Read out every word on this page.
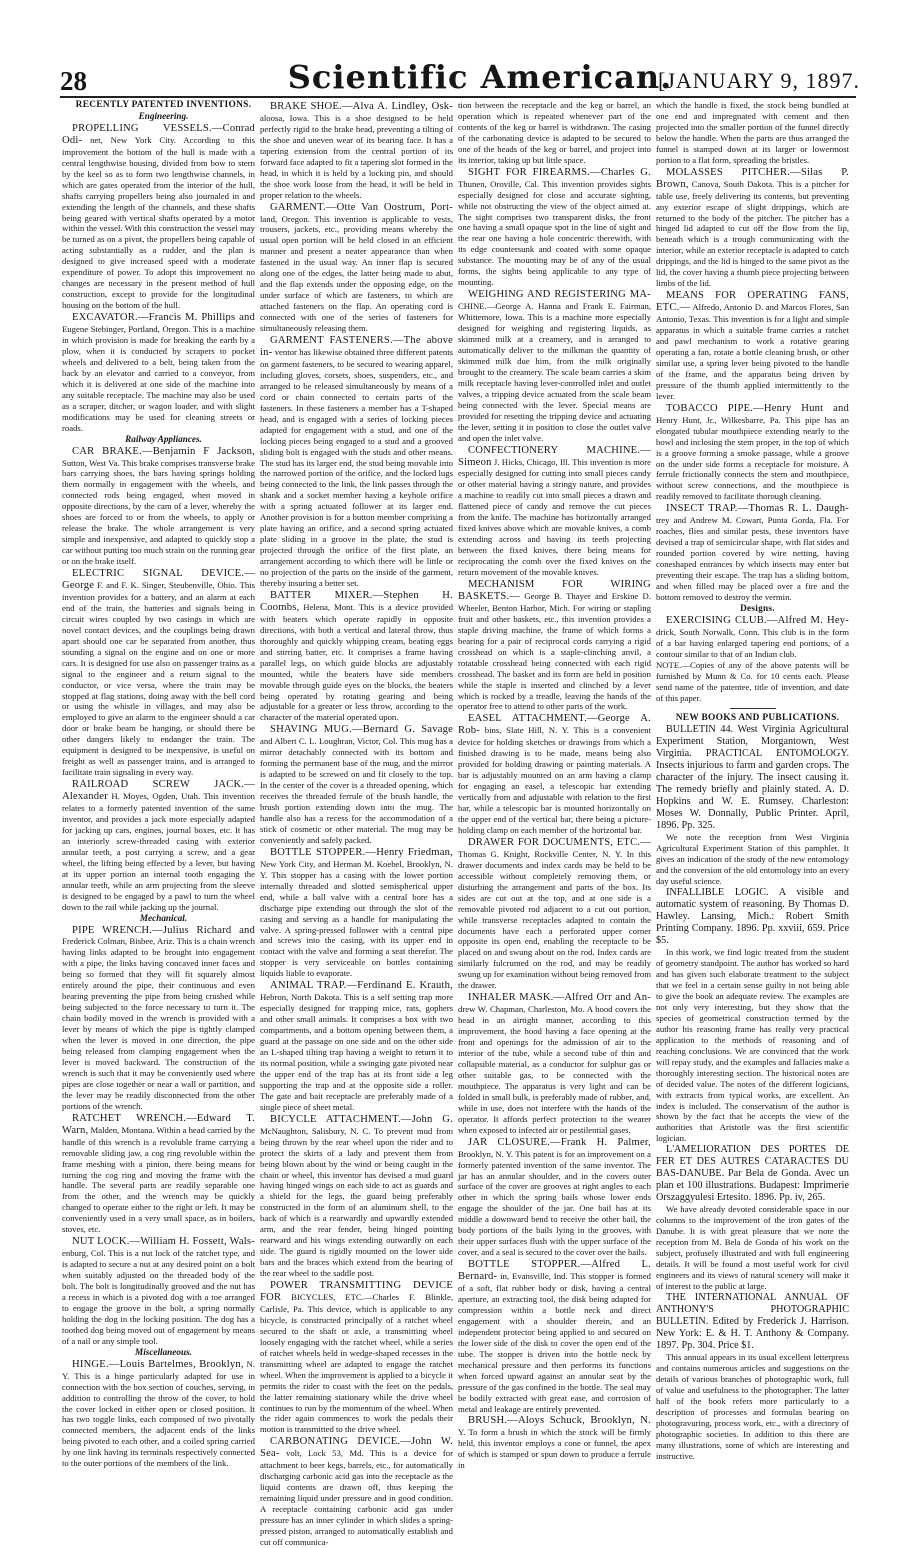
28	Scientific American.
[JANUARY 9, 1897.

RECENTLY PATENTED INVENTIONS.

Engineering.

PROPELLING VESSELS.—Conrad Odi- net, New York City. According to this improvement the bottom of the hull is made with a central lengthwise housing, divided from bow to stern by the keel so as to form two lengthwise channels, in which are gates operated from the interior of the hull, shafts carrying propellers being also journaled in and extending the length of the channels, and these shafts being geared with vertical shafts operated by a motor within the vessel. With this construction the vessel may be turned as on a pivot, the propellers being capable of acting substantially as a rudder, and the plan is designed to give increased speed with a moderate expenditure of power. To adopt this improvement no changes are necessary in the present method of hull construction, except to provide for the longitudinal housing on the bottom of the hull.

EXCAVATOR.—Francis M. Phillips and Eugene Stebinger, Portland, Oregon. This is a machine in which provision is made for breaking the earth by a plow, when it is conducted by scrapers to pocket wheels and delivered to a belt, being taken from the back by an elevator and carried to a conveyor, from which it is delivered at one side of the machine into any suitable receptacle. The machine may also be used as a scraper, ditcher, or wagon loader, and with slight modifications may be used for cleaning streets or roads.

Railway Appliances.

CAR BRAKE.—Benjamin F Jackson, Sutton, West Va. This brake comprises transverse brake bars carrying shoes, the bars having springs holding them normally in engagement with the wheels, and connected rods being engaged, when moved in opposite directions, by the cam of a lever, whereby the shoes are forced to or from the wheels, to apply or release the brake. The whole arrangement is very simple and inexpensive, and adapted to quickly stop a car without putting too much strain on the running gear or on the brake itself.

ELECTRIC SIGNAL DEVICE.—George F. and F. K. Singer, Steubenville, Ohio. This invention provides for a battery, and an alarm at each end of the train, the batteries and signals being in circuit wires coupled by two casings in which are novel contact devices, and the couplings being drawn apart should one car be separated from another, thus sounding a signal on the engine and on one or more cars. It is designed for use also on passenger trains as a signal to the engineer and a return signal to the conductor, or vice versa, where the train may be stopped at flag stations, doing away with the bell cord or using the whistle in villages, and may also be employed to give an alarm to the engineer should a car door or brake beam be hanging, or should there be other dangers likely to endanger the train. The equipment is designed to be inexpensive, is useful on freight as well as passenger trains, and is arranged to facilitate train signaling in every way.

RAILROAD SCREW JACK.—Alexander H. Moyes, Ogden, Utah. This invention relates to a formerly patented invention of the same inventor, and provides a jack more especially adapted for jacking up cars, engines, journal boxes, etc. It has an interiorly screw-threaded casing with exterior annular teeth, a post carrying a screw, and a gear wheel, the lifting being effected by a lever, but having at its upper portion an internal tooth engaging the annular teeth, while an arm projecting from the sleeve is designed to be engaged by a pawl to turn the wheel down to the rail while jacking up the journal.

Mechanical.

PIPE WRENCH.—Julius Richard and Frederick Colman, Bisbee, Ariz. This is a chain wrench having links adapted to be brought into engagement with a pipe, the links having concaved inner faces and being so formed that they will fit squarely almost entirely around the pipe, their continuous and even bearing preventing the pipe from being crushed while being subjected to the force necessary to turn it. The chain bodily moved in the wrench is provided with a lever by means of which the pipe is tightly clamped when the lever is moved in one direction, the pipe being released from clamping engagement when the lever is moved backward. The construction of the wrench is such that it may be conveniently used where pipes are close together or near a wall or partition, and the lever may be readily disconnected from the other portions of the wrench.

RATCHET WRENCH.—Edward T. Warn, Malden, Montana. Within a head carried by the handle of this wrench is a revoluble frame carrying a removable sliding jaw, a cog ring revoluble within the frame meshing with a pinion, there being means for turning the cog ring and moving the frame with the handle. The several parts are readily separable one from the other, and the wrench may be quickly changed to operate either to the right or left. It may be conveniently used in a very small space, as in boilers, stoves, etc.

NUT LOCK.—William H. Fossett, Wals- enburg, Col. This is a nut lock of the ratchet type, and is adapted to secure a nut at any desired point on a bolt when suitably adjusted on the threaded body of the bolt. The bolt is longitudinally grooved and the nut has a recess in which is a pivoted dog with a toe arranged to engage the groove in the bolt, a spring normally holding the dog in the locking position. The dog has a toothed dog being moved out of engagement by means of a nail or any simple tool.

Miscellaneous.

HINGE.—Louis Bartelmes, Brooklyn, N. Y. This is a hinge particularly adapted for use in connection with the box section of couches, serving, in addition to controlling the throw of the cover, to hold the cover locked in either open or closed position. It has two toggle links, each composed of two pivotally connected members, the adjacent ends of the links being pivoted to each other, and a coiled spring carried by one link having its terminals respectively connected to the outer portions of the members of the link.

BRAKE SHOE.—Alva A. Lindley, Osk- aloosa, Iowa. This is a shoe designed to be held perfectly rigid to the brake head, preventing a tilting of the shoe and uneven wear of its bearing face. It has a tapering extension from the central portion of its forward face adapted to fit a tapering slot formed in the head, in which it is held by a locking pin, and should the shoe work loose from the head, it will be held in proper relation to the wheels.

GARMENT.—Otte Van Oostrum, Port- land, Oregon. This invention is applicable to vests, trousers, jackets, etc., providing means whereby the usual open portion will be held closed in an efficient manner and present a neater appearance than when fastened in the usual way. An inner flap is secured along one of the edges, the latter being made to abut, and the flap extends under the opposing edge, on the under surface of which are fasteners, to which are attached fasteners on the flap. An operating cord is connected with one of the series of fasteners for simultaneously releasing them.

GARMENT FASTENERS.—The above in- ventor has likewise obtained three different patents on garment fasteners, to be secured to wearing apparel, including gloves, corsets, shoes, suspenders, etc., and arranged to be released simultaneously by means of a cord or chain connected to certain parts of the fasteners. In these fasteners a member has a T-shaped head, and is engaged with a series of locking pieces adapted for engagement with a stud, and one of the locking pieces being engaged to a stud and a grooved sliding bolt is engaged with the studs and other means. The stud has its larger end, the stud being movable into the narrowed portion of the orifice, and the locked lugs being connected to the link, the link passes through the shank and a socket member having a keyhole orifice with a spring actuated follower at its larger end. Another provision is for a button member comprising a plate having an orifice, and a second spring actuated plate sliding in a groove in the plate, the stud is projected through the orifice of the first plate, an arrangement according to which there will be little or no projection of the parts on the inside of the garment, thereby insuring a better set.

BATTER MIXER.—Stephen H. Coombs, Helena, Mont. This is a device provided with beaters which operate rapidly in opposite directions, with both a vertical and lateral throw, thus thoroughly and quickly whipping cream, beating eggs and stirring batter, etc. It comprises a frame having parallel legs, on which guide blocks are adjustably mounted, while the beaters have side members movable through guide eyes on the blocks, the beaters being operated by rotating gearing and being adjustable for a greater or less throw, according to the character of the material operated upon.

SHAVING MUG.—Bernard G. Savage and Albert C. L. Loughran, Victor, Col. This mug has a mirror detachably connected with its bottom and forming the permanent base of the mug, and the mirror is adapted to be screwed on and fit closely to the top. In the center of the cover is a threaded opening, which receives the threaded ferrule of the brush handle, the brush portion extending down into the mug. The handle also has a recess for the accommodation of a stick of cosmetic or other material. The mug may be conveniently and safely packed.

BOTTLE STOPPER.—Henry Friedman, New York City, and Herman M. Koebel, Brooklyn, N. Y. This stopper has a casing with the lower portion internally threaded and slotted semispherical upper end, while a ball valve with a central bore has a discharge pipe extending out through the slot of the casing and serving as a handle for manipulating the valve. A spring-pressed follower with a central pipe and screws into the casing, with its upper end in contact with the valve and forming a seat therefor. The stopper is very serviceable on bottles containing liquids liable to evaporate.

ANIMAL TRAP.—Ferdinand E. Krauth, Hebron, North Dakota. This is a self setting trap more especially designed for trapping mice, rats, gophers and other small animals. It comprises a box with two compartments, and a bottom opening between them, a guard at the passage on one side and on the other side an L-shaped tilting trap having a weight to return it to its normal position, while a swinging gate pivoted near the upper end of the trap has at its front side a leg supporting the trap and at the opposite side a roller. The gate and bait receptacle are preferably made of a single piece of sheet metal.

BICYCLE ATTACHMENT.—John G. McNaughton, Salisbury, N. C. To prevent mud from being thrown by the rear wheel upon the rider and to protect the skirts of a lady and prevent them from being blown about by the wind or being caught in the chain or wheel, this inventor has devised a mud guard having hinged wings on each side to act as guards and a shield for the legs, the guard being preferably constructed in the form of an aluminum shell, to the back of which is a rearwardly and upwardly extended arm, and the rear fender, being hinged pointing rearward and his wings extending outwardly on each side. The guard is rigidly mounted on the lower side bars and the braces which extend from the bearing of the rear wheel to the saddle post.

POWER TRANSMITTING DEVICE FOR BICYCLES, ETC.—Charles F. Blinkle, Carlisle, Pa. This device, which is applicable to any bicycle, is constructed principally of a ratchet wheel secured to the shaft or axle, a transmitting wheel loosely engaging with the ratchet wheel, while a series of ratchet wheels held in wedge-shaped recesses in the transmitting wheel are adapted to engage the ratchet wheel. When the improvement is applied to a bicycle it permits the rider to coast with the feet on the pedals, the latter remaining stationary while the drive wheel continues to run by the momentum of the wheel. When the rider again commences to work the pedals their motion is transmitted to the drive wheel.

CARBONATING DEVICE.—John W. Sea- volt, Lock 53, Md. This is a device for attachment to beer kegs, barrels, etc., for automatically discharging carbonic acid gas into the receptacle as the liquid contents are drawn off, thus keeping the remaining liquid under pressure and in good condition. A receptacle containing carbonic acid gas under pressure has an inner cylinder in which slides a spring-pressed piston, arranged to automatically establish and cut off communica-

tion between the receptacle and the keg or barrel, an operation which is repeated whenever part of the contents of the keg or barrel is withdrawn. The casing of the carbonating device is adapted to be secured to one of the heads of the keg or barrel, and project into its interior, taking up but little space.

SIGHT FOR FIREARMS.—Charles G. Thunen, Oroville, Cal. This invention provides sights especially designed for close and accurate sighting, while not obstructing the view of the object aimed at. The sight comprises two transparent disks, the front one having a small opaque spot in the line of sight and the rear one having a hole concentric therewith, with its edge countersunk and coated with some opaque substance. The mounting may be of any of the usual forms, the sights being applicable to any type of mounting.

WEIGHING AND REGISTERING MA- CHINE.—George A. Hanna and Frank E. Fairman, Whittemore, Iowa. This is a machine more especially designed for weighing and registering liquids, as skimmed milk at a creamery, and is arranged to automatically deliver to the milkman the quantity of skimmed milk due him, from the milk originally brought to the creamery. The scale beam carries a skim milk receptacle having lever-controlled inlet and outlet valves, a tripping device actuated from the scale beam being connected with the lever. Special means are provided for resetting the tripping device and actuating the lever, setting it in position to close the outlet valve and open the inlet valve.

CONFECTIONERY MACHINE.—Simeon J. Hicks, Chicago, Ill. This invention is more especially designed for cutting into small pieces candy or other material having a stringy nature, and provides a machine to readily cut into small pieces a drawn and flattened piece of candy and remove the cut pieces from the knife. The machine has horizontally arranged fixed knives above which are movable knives, a comb extending across and having its teeth projecting between the fixed knives, there being means for reciprocating the comb over the fixed knives on the return movement of the movable knives.

MECHANISM FOR WIRING BASKETS.— George B. Thayer and Erskine D. Wheeler, Benton Harbor, Mich. For wiring or stapling fruit and other baskets, etc., this invention provides a staple driving machine, the frame of which forms a bearing for a pair of reciprocal cords carrying a rigid crosshead on which is a staple-clinching anvil, a rotatable crosshead being connected with each rigid crosshead. The basket and its form are held in position while the staple is inserted and clinched by a lever which is rocked by a treadle, leaving the hands of the operator free to attend to other parts of the work.

EASEL ATTACHMENT.—George A. Rob- bins, Slate Hill, N. Y. This is a convenient device for holding sketches or drawings from which a finished drawing is to be made, means being also provided for holding drawing or painting materials. A bar is adjustably mounted on an arm having a clamp for engaging an easel, a telescopic bar extending vertically from and adjustable with relation to the first bar, while a telescopic bar is mounted horizontally on the upper end of the vertical bar, there being a picture-holding clamp on each member of the horizontal bar.

DRAWER FOR DOCUMENTS, ETC.— Thomas G. Knight, Rockville Center, N. Y. In this drawer documents and index cards may be held to be accessible without completely removing them, or disturbing the arrangement and parts of the box. Its sides are cut out at the top, and at one side is a removable pivoted rod adjacent to a cut out portion, while transverse receptacles adapted to contain the documents have each a perforated upper corner opposite its open end, enabling the receptacle to be placed on and swung about on the rod. Index cards are similarly fulcrumed on the rod, and may be readily swung up for examination without being removed from the drawer.

INHALER MASK.—Alfred Orr and An- drew W. Chapman, Charleston, Mo. A hood covers the head in an airtight manner, according to this improvement, the hood having a face opening at the front and openings for the admission of air to the interior of the tube, while a second tube of thin and collapsible material, as a conductor for sulphur gas or other suitable gas, to be connected with the mouthpiece. The apparatus is very light and can be folded in small bulk, is preferably made of rubber, and, while in use, does not interfere with the hands of the operator. It affords perfect protection to the wearer when exposed to infected air or pestilential gases.

JAR CLOSURE.—Frank H. Palmer, Brooklyn, N. Y. This patent is for an improvement on a formerly patented invention of the same inventor. The jar has an annular shoulder, and in the covers outer surface of the cover are grooves at right angles to each other in which the spring bails whose lower ends engage the shoulder of the jar. One bail has at its middle a downward bend to receive the other bail, the body portions of the bails lying in the grooves, with their upper surfaces flush with the upper surface of the cover, and a seal is secured to the cover over the bails.

BOTTLE STOPPER.—Alfred L. Bernard- in, Evansville, Ind. This stopper is formed of a soft, flat rubber body or disk, having a central aperture, an extracting tool, the disk being adapted for compression within a bottle neck and direct engagement with a shoulder therein, and an independent protector being applied to and secured on the lower side of the disk to cover the open end of the tube. The stopper is driven into the bottle neck by mechanical pressure and then performs its functions when forced upward against an annular seat by the pressure of the gas confined in the bottle. The seal may be bodily extracted with great ease, and corrosion of metal and leakage are entirely prevented.

BRUSH.—Aloys Schuck, Brooklyn, N. Y. To form a brush in which the stock will be firmly held, this inventor employs a cone or funnel, the apex of which is stamped or spun down to produce a ferrule in

which the handle is fixed, the stock being bundled at one end and impregnated with cement and then projected into the smaller portion of the funnel directly below the handle. When the parts are thus arranged the funnel is stamped down at its larger or lowermost portion to a flat form, spreading the bristles.

MOLASSES PITCHER.—Silas P. Brown, Canova, South Dakota. This is a pitcher for table use, freely delivering its contents, but preventing any exterior escape of slight drippings, which are returned to the body of the pitcher. The pitcher has a hinged lid adapted to cut off the flow from the lip, beneath which is a trough communicating with the interior, while an exterior receptacle is adapted to catch drippings, and the lid is hinged to the same pivot as the lid, the cover having a thumb piece projecting between limbs of the lid.

MEANS FOR OPERATING FANS, ETC.— Alfredo, Antonio D. and Marcos Flores, San Antonio, Texas. This invention is for a light and simple apparatus in which a suitable frame carries a ratchet and pawl mechanism to work a rotative gearing operating a fan, rotate a bottle cleaning brush, or other similar use, a spring lever being pivoted to the handle of the frame, and the apparatus being driven by pressure of the thumb applied intermittently to the lever.

TOBACCO PIPE.—Henry Hunt and Henry Hunt, Jr., Wilkesbarre, Pa. This pipe has an elongated tubular mouthpiece extending nearly to the bowl and inclosing the stem proper, in the top of which is a groove forming a smoke passage, while a groove on the under side forms a receptacle for moisture. A ferrule frictionally connects the stem and mouthpiece, without screw connections, and the mouthpiece is readily removed to facilitate thorough cleaning.

INSECT TRAP.—Thomas R. L. Daugh- trey and Andrew M. Cowart, Punta Gorda, Fla. For roaches, flies and similar pests, these inventors have devised a trap of semicircular shape, with flat sides and rounded portion covered by wire netting, having coneshaped entrances by which insects may enter but preventing their escape. The trap has a sliding bottom, and when filled may be placed over a fire and the bottom removed to destroy the vermin.

Designs.

EXERCISING CLUB.—Alfred M. Hey- drick, South Norwalk, Conn. This club is in the form of a bar having enlarged tapering end portions, of a contour similar to that of an Indian club.

NOTE.—Copies of any of the above patents will be furnished by Munn & Co. for 10 cents each. Please send name of the patentee, title of invention, and date of this paper.

NEW BOOKS AND PUBLICATIONS.

BULLETIN 44. West Virginia Agricultural Experiment Station, Morgantown, West Virginia. PRACTICAL ENTOMOLOGY. Insects injurious to farm and garden crops. The character of the injury. The insect causing it. The remedy briefly and plainly stated. A. D. Hopkins and W. E. Rumsey. Charleston: Moses W. Donnally, Public Printer. April, 1896. Pp. 325.

We note the reception from West Virginia Agricultural Experiment Station of this pamphlet. It gives an indication of the study of the new entomology and the conversion of the old entomology into an every day useful science.

INFALLIBLE LOGIC. A visible and automatic system of reasoning. By Thomas D. Hawley. Lansing, Mich.: Robert Smith Printing Company. 1896. Pp. xxviii, 659. Price $5.

In this work, we find logic treated from the student of geometry standpoint. The author has worked so hard and has given such elaborate treatment to the subject that we feel in a certain sense guilty in not being able to give the book an adequate review. The examples are not only very interesting, but they show that the species of geometrical construction termed by the author his reasoning frame has really very practical application to the methods of reasoning and of reaching conclusions. We are convinced that the work will repay study, and the examples and fallacies make a thoroughly interesting section. The historical notes are of decided value. The notes of the different logicians, with extracts from typical works, are excellent. An index is included. The conservatism of the author is shown by the fact that he accepts the view of the authorities that Aristotle was the first scientific logician.

L'AMELIORATION DES PORTES DE FER ET DES AUTRES CATARACTES DU BAS-DANUBE. Par Bela de Gonda. Avec un plan et 100 illustrations. Budapest: Imprimerie Orszaggyulesi Ertesito. 1896. Pp. iv, 265.

We have already devoted considerable space in our columns to the improvement of the iron gates of the Danube. It is with great pleasure that we note the reception from M. Bela de Gonda of his work on the subject, profusely illustrated and with full engineering details. It will be found a most useful work for civil engineers and its views of natural scenery will make it of interest to the public at large.

THE INTERNATIONAL ANNUAL OF ANTHONY'S PHOTOGRAPHIC BULLETIN. Edited by Frederick J. Harrison. New York: E. & H. T. Anthony & Company. 1897. Pp. 304. Price $1.

This annual appears in its usual excellent letterpress and contains numerous articles and suggestions on the details of various branches of photographic work, full of value and usefulness to the photographer. The latter half of the book refers more particularly to a description of processes and formulas bearing on photogravuring, process work, etc., with a directory of photographic societies. In addition to this there are many illustrations, some of which are interesting and instructive.
